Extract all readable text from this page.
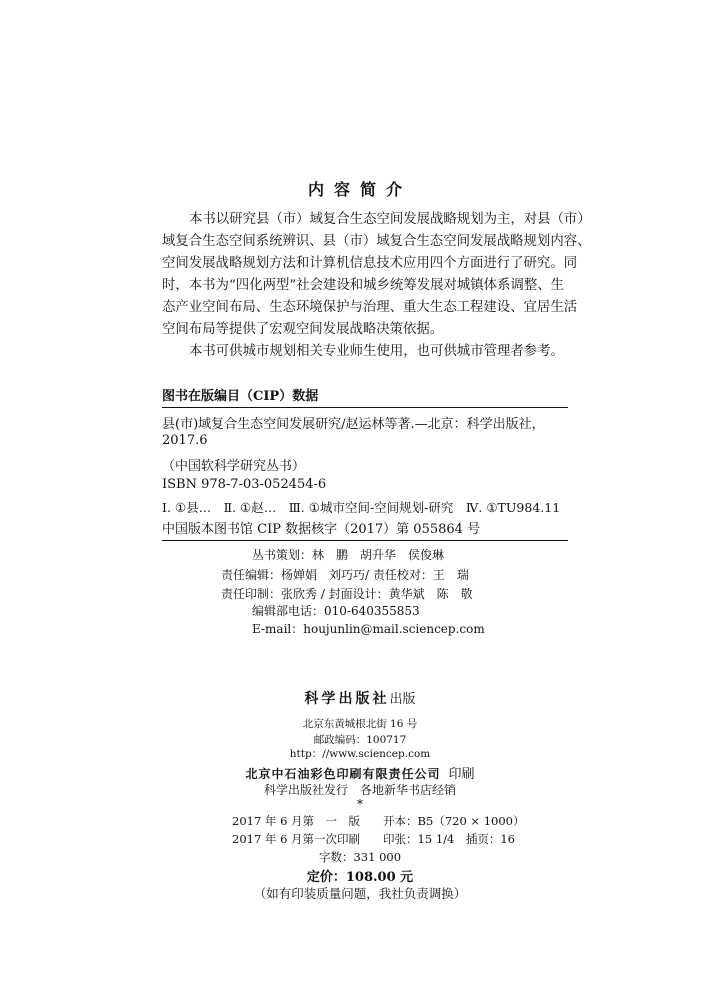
内容简介
本书以研究县（市）域复合生态空间发展战略规划为主，对县（市）
域复合生态空间系统辨识、县（市）域复合生态空间发展战略规划内容、
空间发展战略规划方法和计算机信息技术应用四个方面进行了研究。同
时，本书为“四化两型”社会建设和城乡统筹发展对城镇体系调整、生
态产业空间布局、生态环境保护与治理、重大生态工程建设、宜居生活
空间布局等提供了宏观空间发展战略决策依据。
本书可供城市规划相关专业师生使用，也可供城市管理者参考。
图书在版编目（CIP）数据
县(市)域复合生态空间发展研究/赵运林等著.—北京：科学出版社，
2017.6
（中国软科学研究丛书）
ISBN 978-7-03-052454-6
Ⅰ. ①县…　Ⅱ. ①赵…　Ⅲ. ①城市空间-空间规划-研究　Ⅳ. ①TU984.11
中国版本图书馆 CIP 数据核字（2017）第 055864 号
丛书策划：林　鹏　胡升华　侯俊琳
责任编辑：杨婵娟　刘巧巧/ 责任校对：王　瑞
责任印制：张欣秀 / 封面设计：黄华斌　陈　敬
编辑部电话：010-640355853
E-mail：houjunlin@mail.sciencep.com
科学出版社出版
北京东黄城根北街 16 号
邮政编码：100717
http：//www.sciencep.com
北京中石油彩色印刷有限责任公司 印刷
科学出版社发行　各地新华书店经销
*
2017 年 6 月第　一　版　　开本：B5（720 × 1000）
2017 年 6 月第一次印刷　　印张：15 1/4　插页：16
字数：331 000
定价：108.00 元
（如有印装质量问题，我社负责调换）
